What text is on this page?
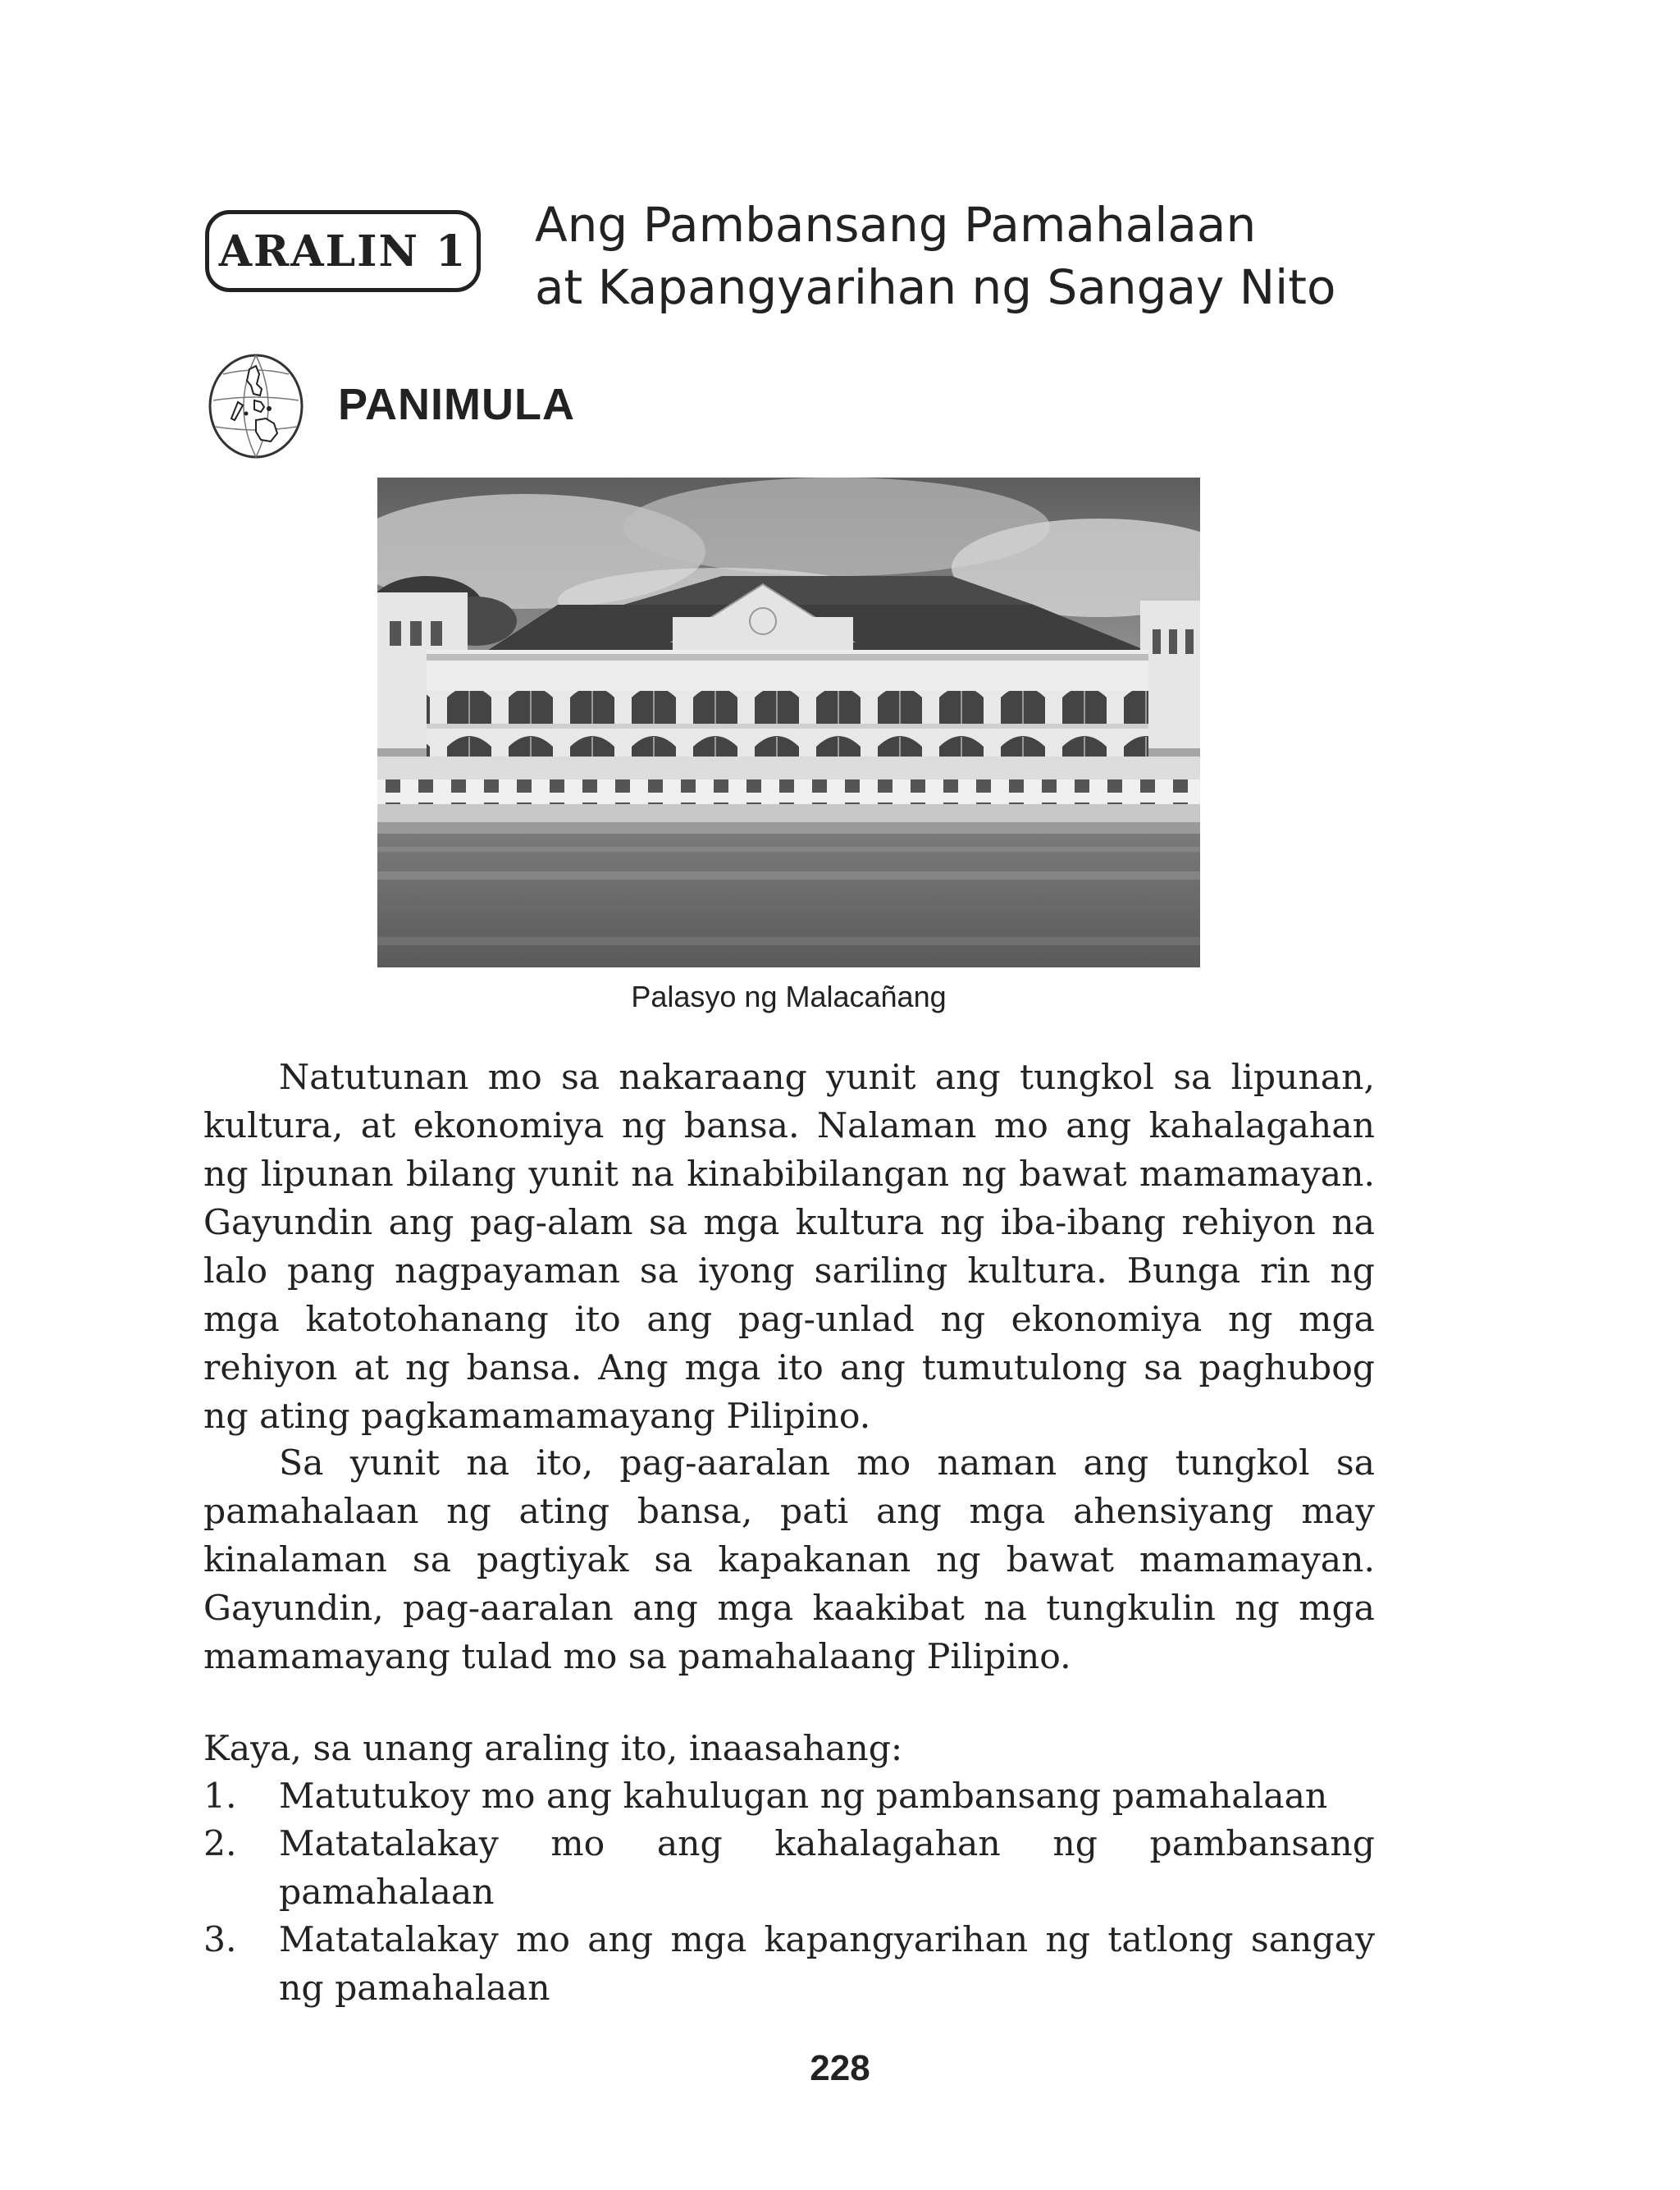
ARALIN 1 Ang Pambansang Pamahalaan
at Kapangyarihan ng Sangay Nito
PANIMULA
Palasyo ng Malacañang

Natutunan mo sa nakaraang yunit ang tungkol sa lipunan, kultura, at ekonomiya ng bansa. Nalaman mo ang kahalagahan ng lipunan bilang yunit na kinabibilangan ng bawat mamamayan. Gayundin ang pag-alam sa mga kultura ng iba-ibang rehiyon na lalo pang nagpayaman sa iyong sariling kultura. Bunga rin ng mga katotohanang ito ang pag-unlad ng ekonomiya ng mga rehiyon at ng bansa. Ang mga ito ang tumutulong sa paghubog ng ating pagkamamamayang Pilipino.

Sa yunit na ito, pag-aaralan mo naman ang tungkol sa pamahalaan ng ating bansa, pati ang mga ahensiyang may kinalaman sa pagtiyak sa kapakanan ng bawat mamamayan. Gayundin, pag-aaralan ang mga kaakibat na tungkulin ng mga mamamayang tulad mo sa pamahalaang Pilipino.

Kaya, sa unang araling ito, inaasahang:
1.	Matutukoy mo ang kahulugan ng pambansang pamahalaan
2.	Matatalakay mo ang kahalagahan ng pambansang pamahalaan
3.	Matatalakay mo ang mga kapangyarihan ng tatlong sangay ng pamahalaan
228
